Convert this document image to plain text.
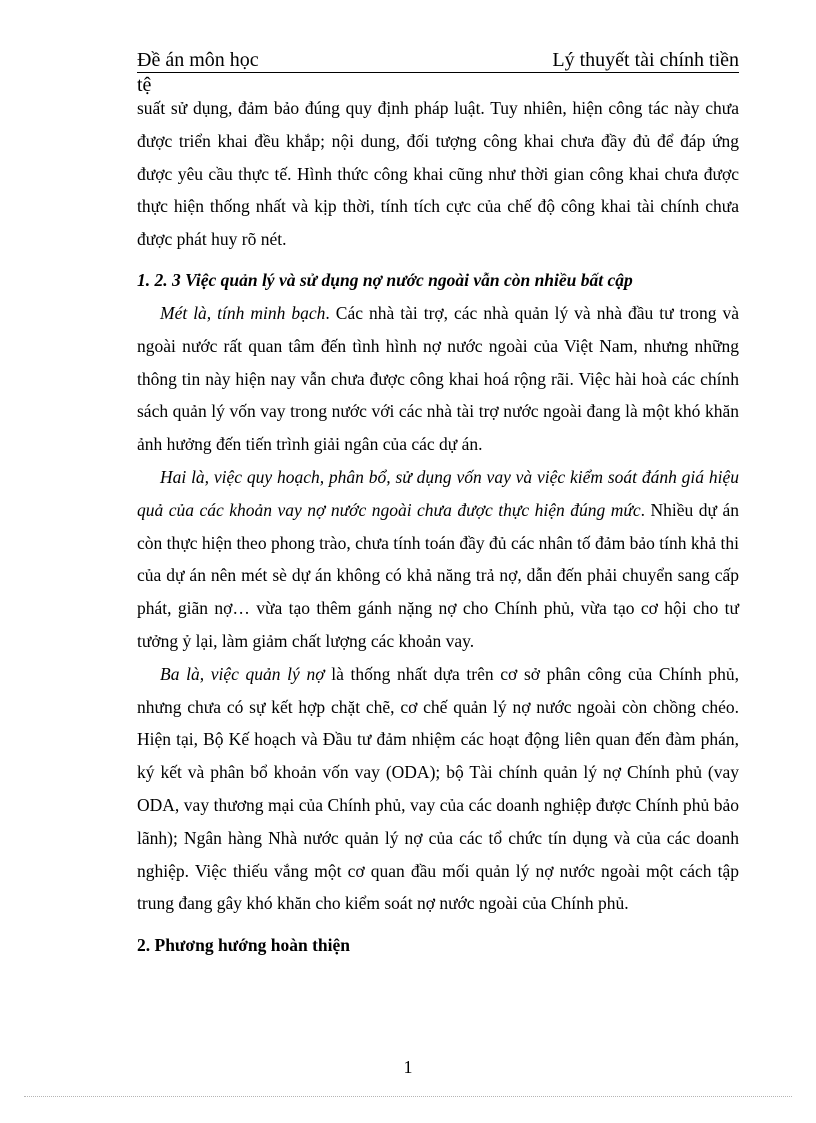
Đề án môn học	Lý thuyết tài chính tiền
tệ

suất sử dụng, đảm bảo đúng quy định pháp luật. Tuy nhiên, hiện công tác này chưa được triển khai đều khắp; nội dung, đối tượng công khai chưa đầy đủ để đáp ứng được yêu cầu thực tế. Hình thức công khai cũng như thời gian công khai chưa được thực hiện thống nhất và kịp thời, tính tích cực của chế độ công khai tài chính chưa được phát huy rõ nét.

1. 2. 3 Việc quản lý và sử dụng nợ nước ngoài vẫn còn nhiều bất cập

Mét là, tính minh bạch. Các nhà tài trợ, các nhà quản lý và nhà đầu tư trong và ngoài nước rất quan tâm đến tình hình nợ nước ngoài của Việt Nam, nhưng những thông tin này hiện nay vẫn chưa được công khai hoá rộng rãi. Việc hài hoà các chính sách quản lý vốn vay trong nước với các nhà tài trợ nước ngoài đang là một khó khăn ảnh hưởng đến tiến trình giải ngân của các dự án.

Hai là, việc quy hoạch, phân bổ, sử dụng vốn vay và việc kiểm soát đánh giá hiệu quả của các khoản vay nợ nước ngoài chưa được thực hiện đúng mức. Nhiều dự án còn thực hiện theo phong trào, chưa tính toán đầy đủ các nhân tố đảm bảo tính khả thi của dự án nên mét sè dự án không có khả năng trả nợ, dẫn đến phải chuyển sang cấp phát, giãn nợ… vừa tạo thêm gánh nặng nợ cho Chính phủ, vừa tạo cơ hội cho tư tưởng ỷ lại, làm giảm chất lượng các khoản vay.

Ba là, việc quản lý nợ là thống nhất dựa trên cơ sở phân công của Chính phủ, nhưng chưa có sự kết hợp chặt chẽ, cơ chế quản lý nợ nước ngoài còn chồng chéo. Hiện tại, Bộ Kế hoạch và Đầu tư đảm nhiệm các hoạt động liên quan đến đàm phán, ký kết và phân bổ khoản vốn vay (ODA); bộ Tài chính quản lý nợ Chính phủ (vay ODA, vay thương mại của Chính phủ, vay của các doanh nghiệp được Chính phủ bảo lãnh); Ngân hàng Nhà nước quản lý nợ của các tổ chức tín dụng và của các doanh nghiệp. Việc thiếu vắng một cơ quan đầu mối quản lý nợ nước ngoài một cách tập trung đang gây khó khăn cho kiểm soát nợ nước ngoài của Chính phủ.

2. Phương hướng hoàn thiện

1
